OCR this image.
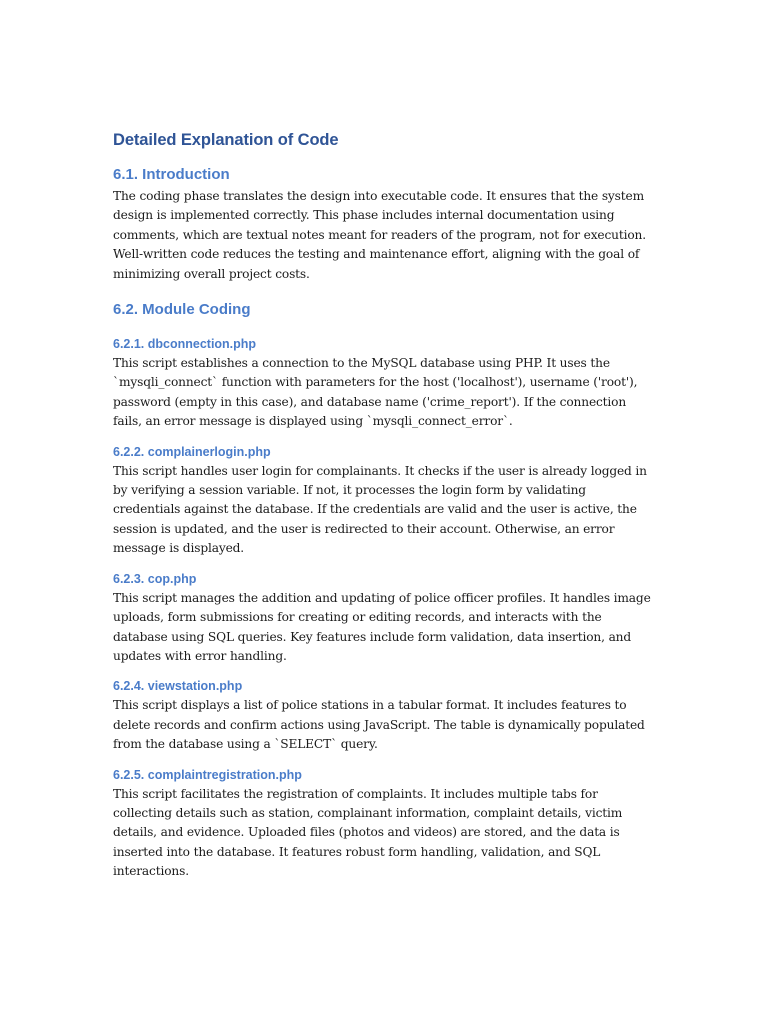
Detailed Explanation of Code
6.1. Introduction

The coding phase translates the design into executable code. It ensures that the system design is implemented correctly. This phase includes internal documentation using comments, which are textual notes meant for readers of the program, not for execution. Well-written code reduces the testing and maintenance effort, aligning with the goal of minimizing overall project costs.

6.2. Module Coding
6.2.1. dbconnection.php

This script establishes a connection to the MySQL database using PHP. It uses the `mysqli_connect` function with parameters for the host ('localhost'), username ('root'), password (empty in this case), and database name ('crime_report'). If the connection fails, an error message is displayed using `mysqli_connect_error`.

6.2.2. complainerlogin.php

This script handles user login for complainants. It checks if the user is already logged in by verifying a session variable. If not, it processes the login form by validating credentials against the database. If the credentials are valid and the user is active, the session is updated, and the user is redirected to their account. Otherwise, an error message is displayed.

6.2.3. cop.php

This script manages the addition and updating of police officer profiles. It handles image uploads, form submissions for creating or editing records, and interacts with the database using SQL queries. Key features include form validation, data insertion, and updates with error handling.

6.2.4. viewstation.php

This script displays a list of police stations in a tabular format. It includes features to delete records and confirm actions using JavaScript. The table is dynamically populated from the database using a `SELECT` query.

6.2.5. complaintregistration.php

This script facilitates the registration of complaints. It includes multiple tabs for collecting details such as station, complainant information, complaint details, victim details, and evidence. Uploaded files (photos and videos) are stored, and the data is inserted into the database. It features robust form handling, validation, and SQL interactions.
